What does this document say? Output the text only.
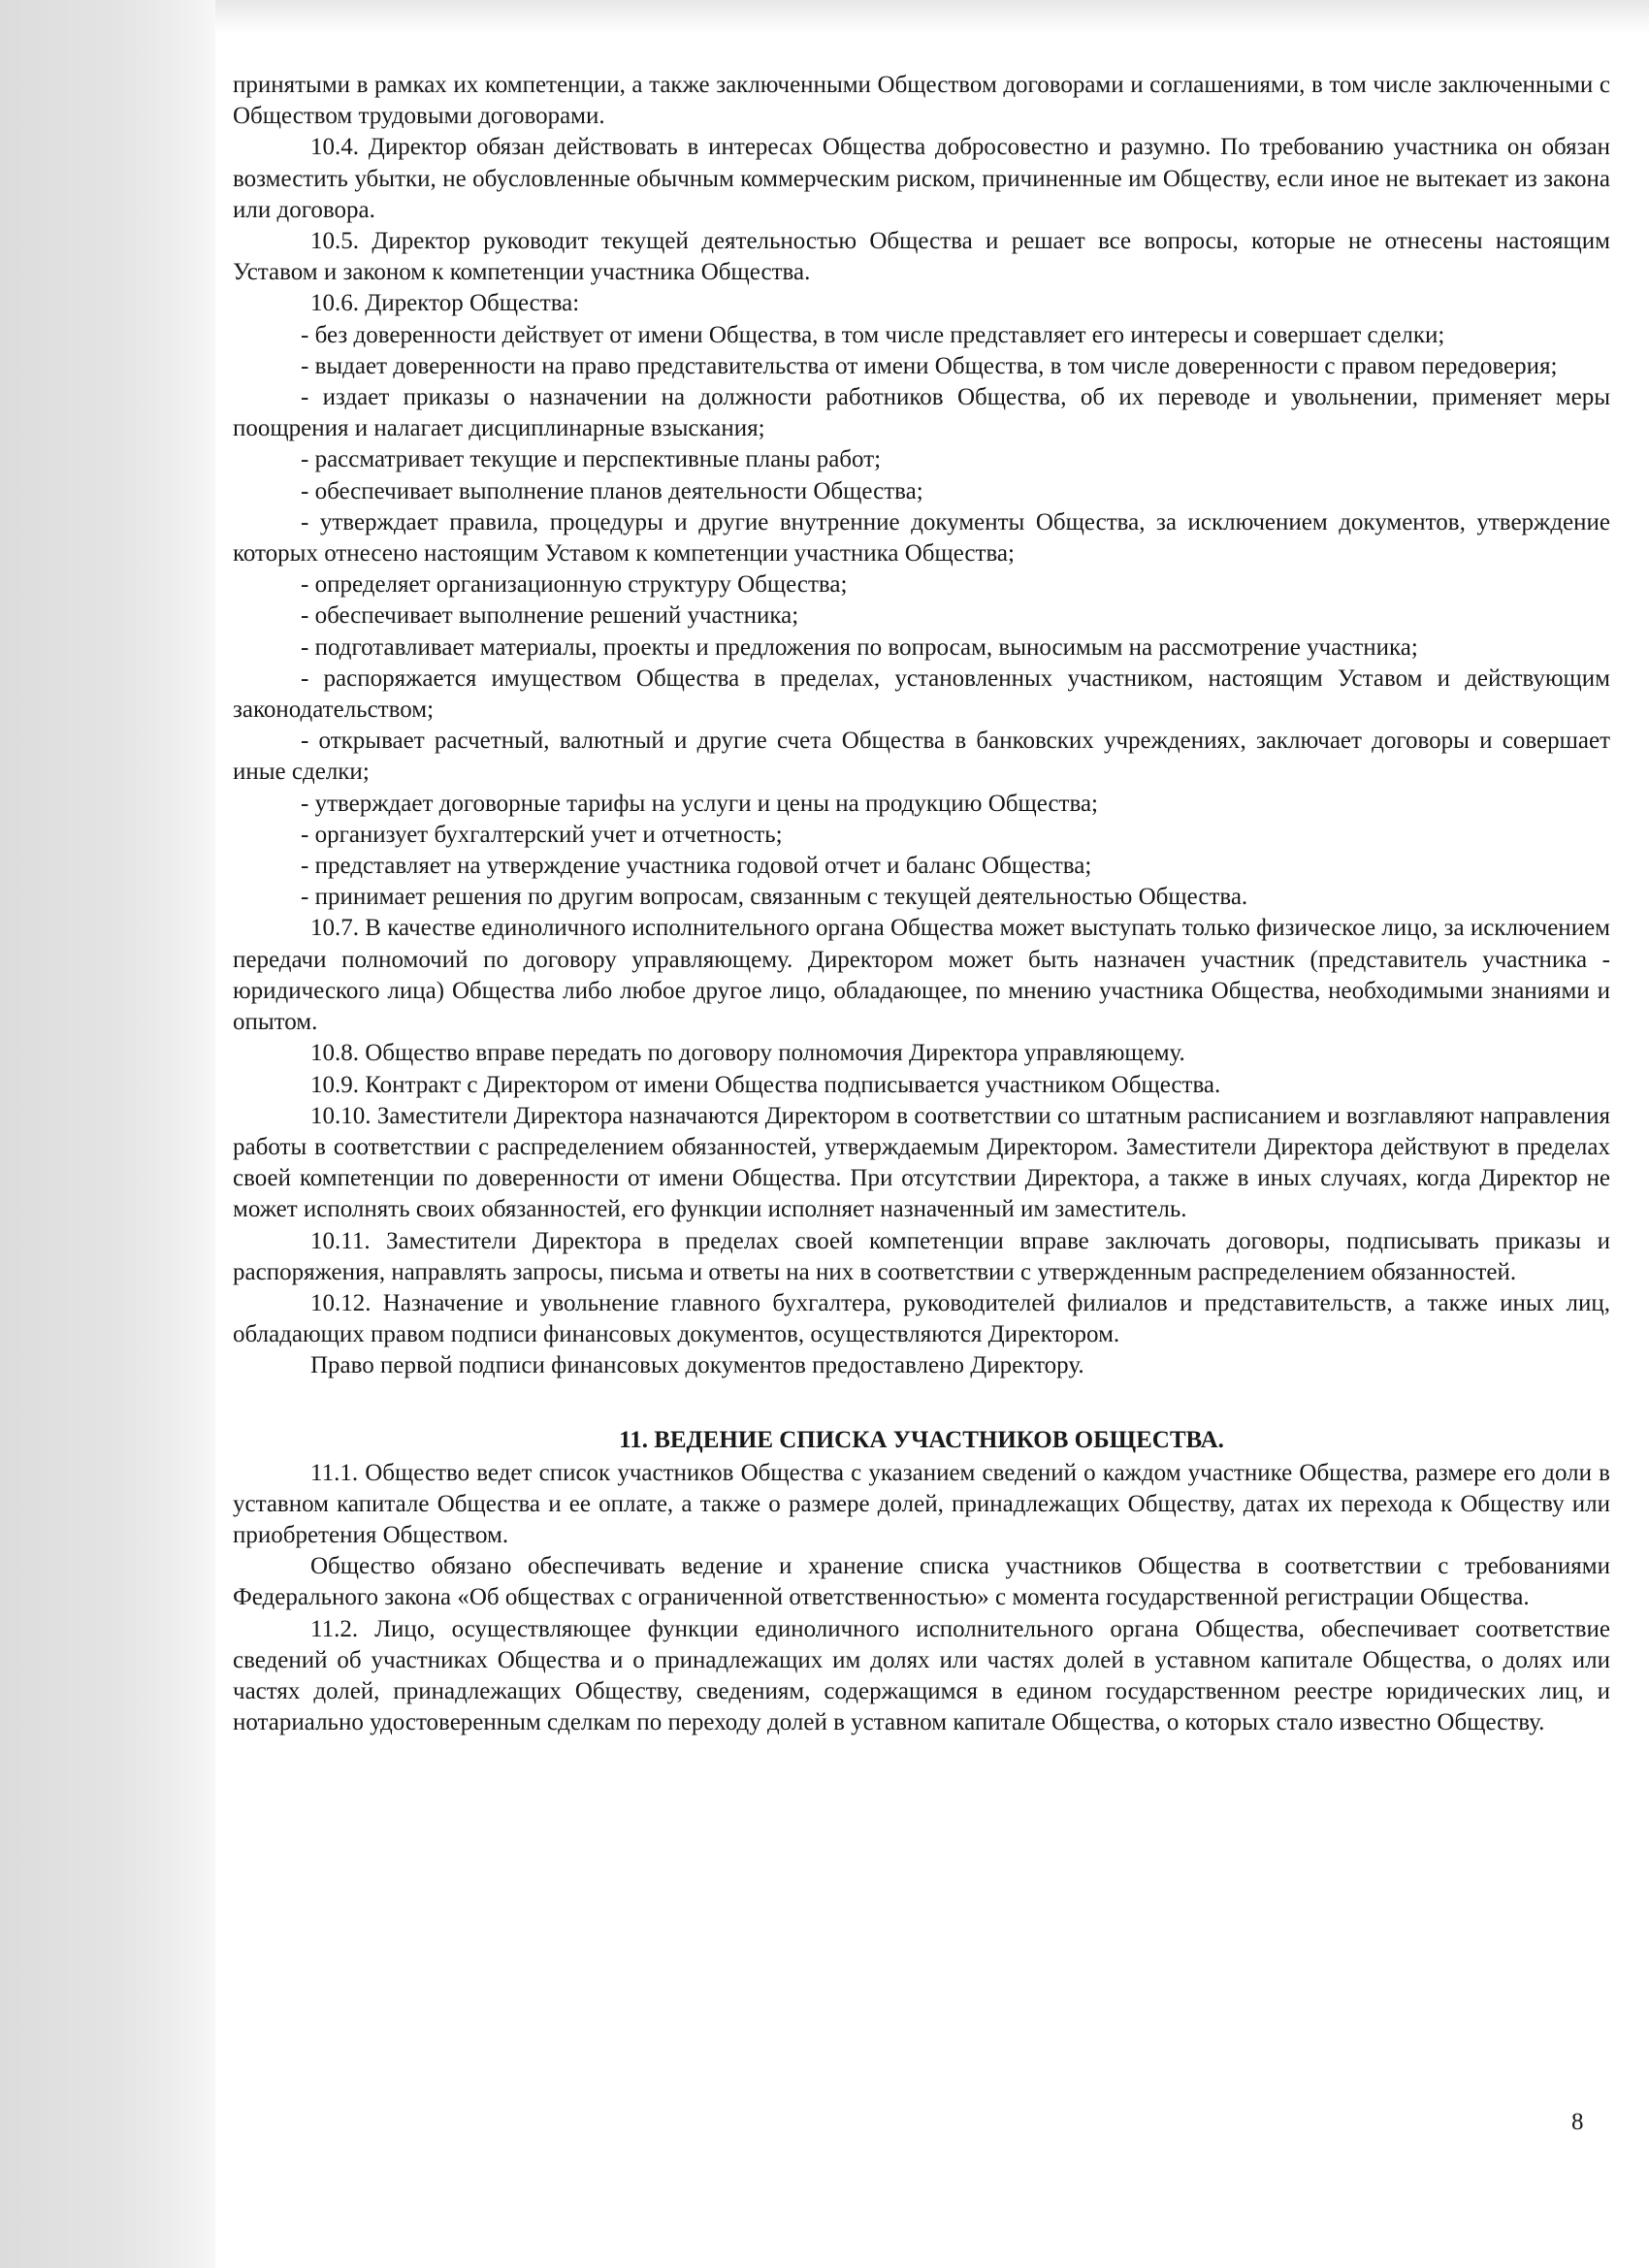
принятыми в рамках их компетенции, а также заключенными Обществом договорами и соглашениями, в том числе заключенными с Обществом трудовыми договорами.

10.4. Директор обязан действовать в интересах Общества добросовестно и разумно. По требованию участника он обязан возместить убытки, не обусловленные обычным коммерческим риском, причиненные им Обществу, если иное не вытекает из закона или договора.

10.5. Директор руководит текущей деятельностью Общества и решает все вопросы, которые не отнесены настоящим Уставом и законом к компетенции участника Общества.

10.6. Директор Общества:

- без доверенности действует от имени Общества, в том числе представляет его интересы и совершает сделки;

- выдает доверенности на право представительства от имени Общества, в том числе доверенности с правом передоверия;

- издает приказы о назначении на должности работников Общества, об их переводе и увольнении, применяет меры поощрения и налагает дисциплинарные взыскания;

- рассматривает текущие и перспективные планы работ;

- обеспечивает выполнение планов деятельности Общества;

- утверждает правила, процедуры и другие внутренние документы Общества, за исключением документов, утверждение которых отнесено настоящим Уставом к компетенции участника Общества;

- определяет организационную структуру Общества;

- обеспечивает выполнение решений участника;

- подготавливает материалы, проекты и предложения по вопросам, выносимым на рассмотрение участника;

- распоряжается имуществом Общества в пределах, установленных участником, настоящим Уставом и действующим законодательством;

- открывает расчетный, валютный и другие счета Общества в банковских учреждениях, заключает договоры и совершает иные сделки;

- утверждает договорные тарифы на услуги и цены на продукцию Общества;

- организует бухгалтерский учет и отчетность;

- представляет на утверждение участника годовой отчет и баланс Общества;

- принимает решения по другим вопросам, связанным с текущей деятельностью Общества.

10.7. В качестве единоличного исполнительного органа Общества может выступать только физическое лицо, за исключением передачи полномочий по договору управляющему. Директором может быть назначен участник (представитель участника - юридического лица) Общества либо любое другое лицо, обладающее, по мнению участника Общества, необходимыми знаниями и опытом.

10.8. Общество вправе передать по договору полномочия Директора управляющему.

10.9. Контракт с Директором от имени Общества подписывается участником Общества.

10.10. Заместители Директора назначаются Директором в соответствии со штатным расписанием и возглавляют направления работы в соответствии с распределением обязанностей, утверждаемым Директором. Заместители Директора действуют в пределах своей компетенции по доверенности от имени Общества. При отсутствии Директора, а также в иных случаях, когда Директор не может исполнять своих обязанностей, его функции исполняет назначенный им заместитель.

10.11. Заместители Директора в пределах своей компетенции вправе заключать договоры, подписывать приказы и распоряжения, направлять запросы, письма и ответы на них в соответствии с утвержденным распределением обязанностей.

10.12. Назначение и увольнение главного бухгалтера, руководителей филиалов и представительств, а также иных лиц, обладающих правом подписи финансовых документов, осуществляются Директором.

Право первой подписи финансовых документов предоставлено Директору.

11. ВЕДЕНИЕ СПИСКА УЧАСТНИКОВ ОБЩЕСТВА.

11.1. Общество ведет список участников Общества с указанием сведений о каждом участнике Общества, размере его доли в уставном капитале Общества и ее оплате, а также о размере долей, принадлежащих Обществу, датах их перехода к Обществу или приобретения Обществом.

Общество обязано обеспечивать ведение и хранение списка участников Общества в соответствии с требованиями Федерального закона «Об обществах с ограниченной ответственностью» с момента государственной регистрации Общества.

11.2. Лицо, осуществляющее функции единоличного исполнительного органа Общества, обеспечивает соответствие сведений об участниках Общества и о принадлежащих им долях или частях долей в уставном капитале Общества, о долях или частях долей, принадлежащих Обществу, сведениям, содержащимся в едином государственном реестре юридических лиц, и нотариально удостоверенным сделкам по переходу долей в уставном капитале Общества, о которых стало известно Обществу.

8
